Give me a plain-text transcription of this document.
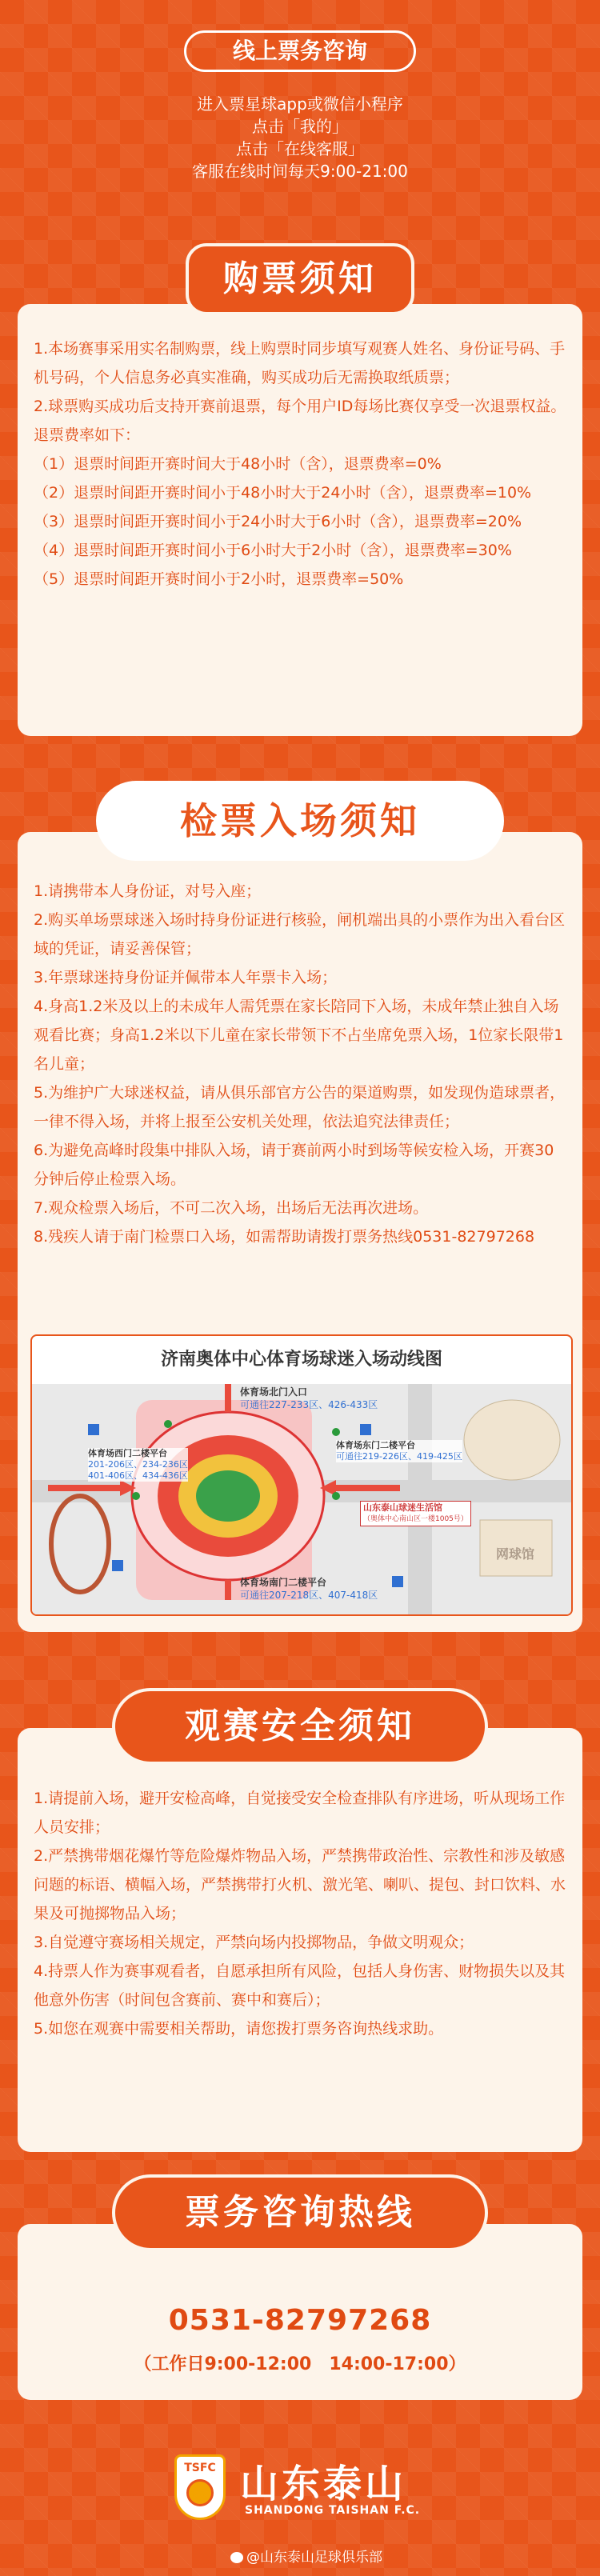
线上票务咨询
进入票星球app或微信小程序
点击「我的」
点击「在线客服」
客服在线时间每天9:00-21:00
购票须知

1.本场赛事采用实名制购票，线上购票时同步填写观赛人姓名、身份证号码、手机号码，个人信息务必真实准确，购买成功后无需换取纸质票；

2.球票购买成功后支持开赛前退票，每个用户ID每场比赛仅享受一次退票权益。退票费率如下：

（1）退票时间距开赛时间大于48小时（含），退票费率=0%

（2）退票时间距开赛时间小于48小时大于24小时（含），退票费率=10%

（3）退票时间距开赛时间小于24小时大于6小时（含），退票费率=20%

（4）退票时间距开赛时间小于6小时大于2小时（含），退票费率=30%

（5）退票时间距开赛时间小于2小时，退票费率=50%

检票入场须知

1.请携带本人身份证，对号入座；

2.购买单场票球迷入场时持身份证进行核验，闸机端出具的小票作为出入看台区域的凭证，请妥善保管；

3.年票球迷持身份证并佩带本人年票卡入场；

4.身高1.2米及以上的未成年人需凭票在家长陪同下入场，未成年禁止独自入场观看比赛；身高1.2米以下儿童在家长带领下不占坐席免票入场，1位家长限带1名儿童；

5.为维护广大球迷权益，请从俱乐部官方公告的渠道购票，如发现伪造球票者，一律不得入场，并将上报至公安机关处理，依法追究法律责任；

6.为避免高峰时段集中排队入场，请于赛前两小时到场等候安检入场，开赛30分钟后停止检票入场。

7.观众检票入场后，不可二次入场，出场后无法再次进场。

8.残疾人请于南门检票口入场，如需帮助请拨打票务热线0531-82797268

济南奥体中心体育场球迷入场动线图
体育场北门入口
可通往227-233区、426-433区
体育场西门二楼平台
201-206区、234-236区
401-406区、434-436区
体育场东门二楼平台
可通往219-226区、419-425区
山东泰山球迷生活馆
（奥体中心南山区一楼1005号）
体育场南门二楼平台
可通往207-218区、407-418区
网球馆
观赛安全须知

1.请提前入场，避开安检高峰，自觉接受安全检查排队有序进场，听从现场工作人员安排；

2.严禁携带烟花爆竹等危险爆炸物品入场，严禁携带政治性、宗教性和涉及敏感问题的标语、横幅入场，严禁携带打火机、激光笔、喇叭、提包、封口饮料、水果及可抛掷物品入场；

3.自觉遵守赛场相关规定，严禁向场内投掷物品，争做文明观众；

4.持票人作为赛事观看者，自愿承担所有风险，包括人身伤害、财物损失以及其他意外伤害（时间包含赛前、赛中和赛后）；

5.如您在观赛中需要相关帮助，请您拨打票务咨询热线求助。

票务咨询热线
0531-82797268
（工作日9:00-12:00　14:00-17:00）
TSFC 山东泰山
SHANDONG TAISHAN F.C.
@山东泰山足球俱乐部
